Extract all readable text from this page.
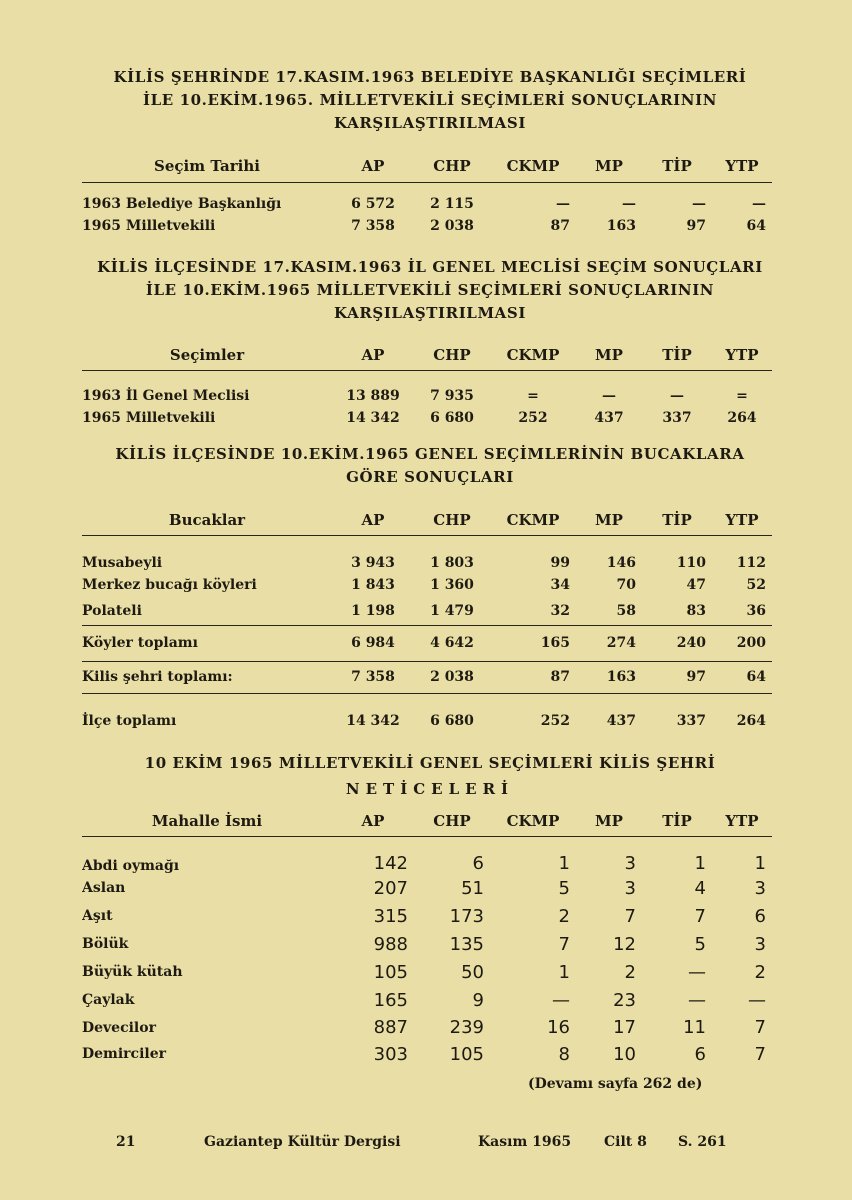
KİLİS ŞEHRİNDE 17.KASIM.1963 BELEDİYE BAŞKANLIĞI SEÇİMLERİ
İLE 10.EKİM.1965. MİLLETVEKİLİ SEÇİMLERİ SONUÇLARININ
KARŞILAŞTIRILMASI
Seçim Tarihi	AP	CHP	CKMP	MP	TİP	YTP
1963 Belediye Başkanlığı	6 572	2 115	—	—	—	—
1965 Milletvekili	7 358	2 038	87	163	97	64
KİLİS İLÇESİNDE 17.KASIM.1963 İL GENEL MECLİSİ SEÇİM SONUÇLARI
İLE 10.EKİM.1965 MİLLETVEKİLİ SEÇİMLERİ SONUÇLARININ
KARŞILAŞTIRILMASI
Seçimler	AP	CHP	CKMP	MP	TİP	YTP
1963 İl Genel Meclisi	13 889	7 935	=	—	—	=
1965 Milletvekili	14 342	6 680	252	437	337	264
KİLİS İLÇESİNDE 10.EKİM.1965 GENEL SEÇİMLERİNİN BUCAKLARA
GÖRE SONUÇLARI
Bucaklar	AP	CHP	CKMP	MP	TİP	YTP
Musabeyli	3 943	1 803	99	146	110	112
Merkez bucağı köyleri	1 843	1 360	34	70	47	52
Polateli	1 198	1 479	32	58	83	36
Köyler toplamı	6 984	4 642	165	274	240	200
Kilis şehri toplamı:	7 358	2 038	87	163	97	64
İlçe toplamı	14 342	6 680	252	437	337	264
10 EKİM 1965 MİLLETVEKİLİ GENEL SEÇİMLERİ KİLİS ŞEHRİ
NETİCELERİ
Mahalle İsmi	AP	CHP	CKMP	MP	TİP	YTP
Abdi oymağı	142	6	1	3	1	1
Aslan	207	51	5	3	4	3
Aşıt	315	173	2	7	7	6
Bölük	988	135	7	12	5	3
Büyük kütah	105	50	1	2	—	2
Çaylak	165	9	—	23	—	—
Devecilor	887	239	16	17	11	7
Demirciler	303	105	8	10	6	7
(Devamı sayfa 262 de)
21	Gaziantep Kültür Dergisi	Kasım 1965 Cilt 8 S. 261
